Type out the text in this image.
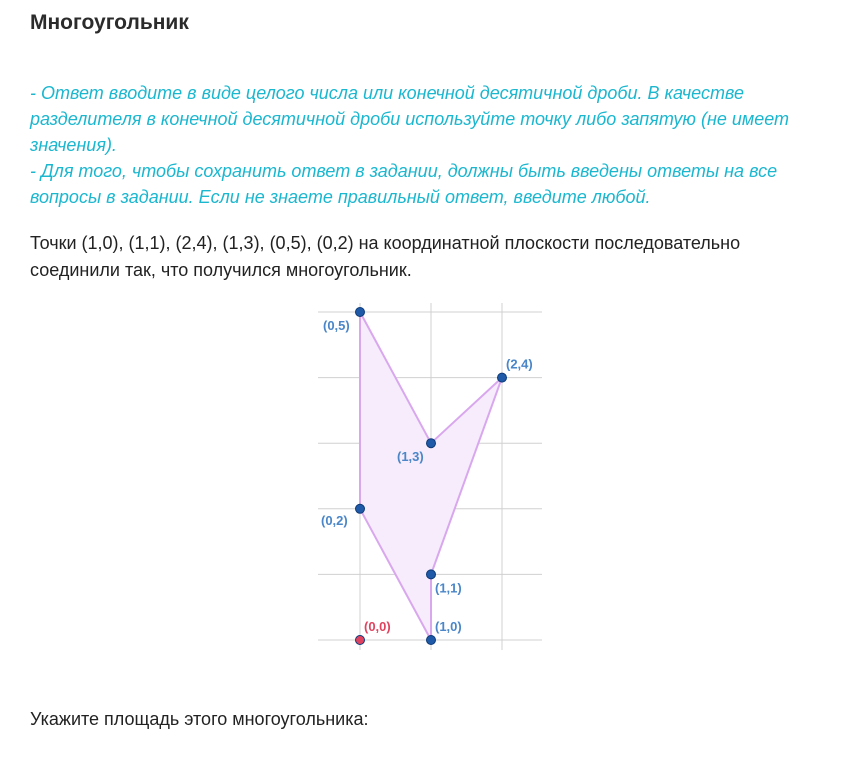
Многоугольник

- Ответ вводите в виде целого числа или конечной десятичной дроби. В качестве разделителя в конечной десятичной дроби используйте точку либо запятую (не имеет значения).

- Для того, чтобы сохранить ответ в задании, должны быть введены ответы на все вопросы в задании. Если не знаете правильный ответ, введите любой.

Точки (1,0), (1,1), (2,4), (1,3), (0,5), (0,2) на координатной плоскости последовательно соединили так, что получился многоугольник.
(0,5)
(2,4)
(1,3)
(0,2)
(1,1)
(1,0)
(0,0)
Укажите площадь этого многоугольника:
